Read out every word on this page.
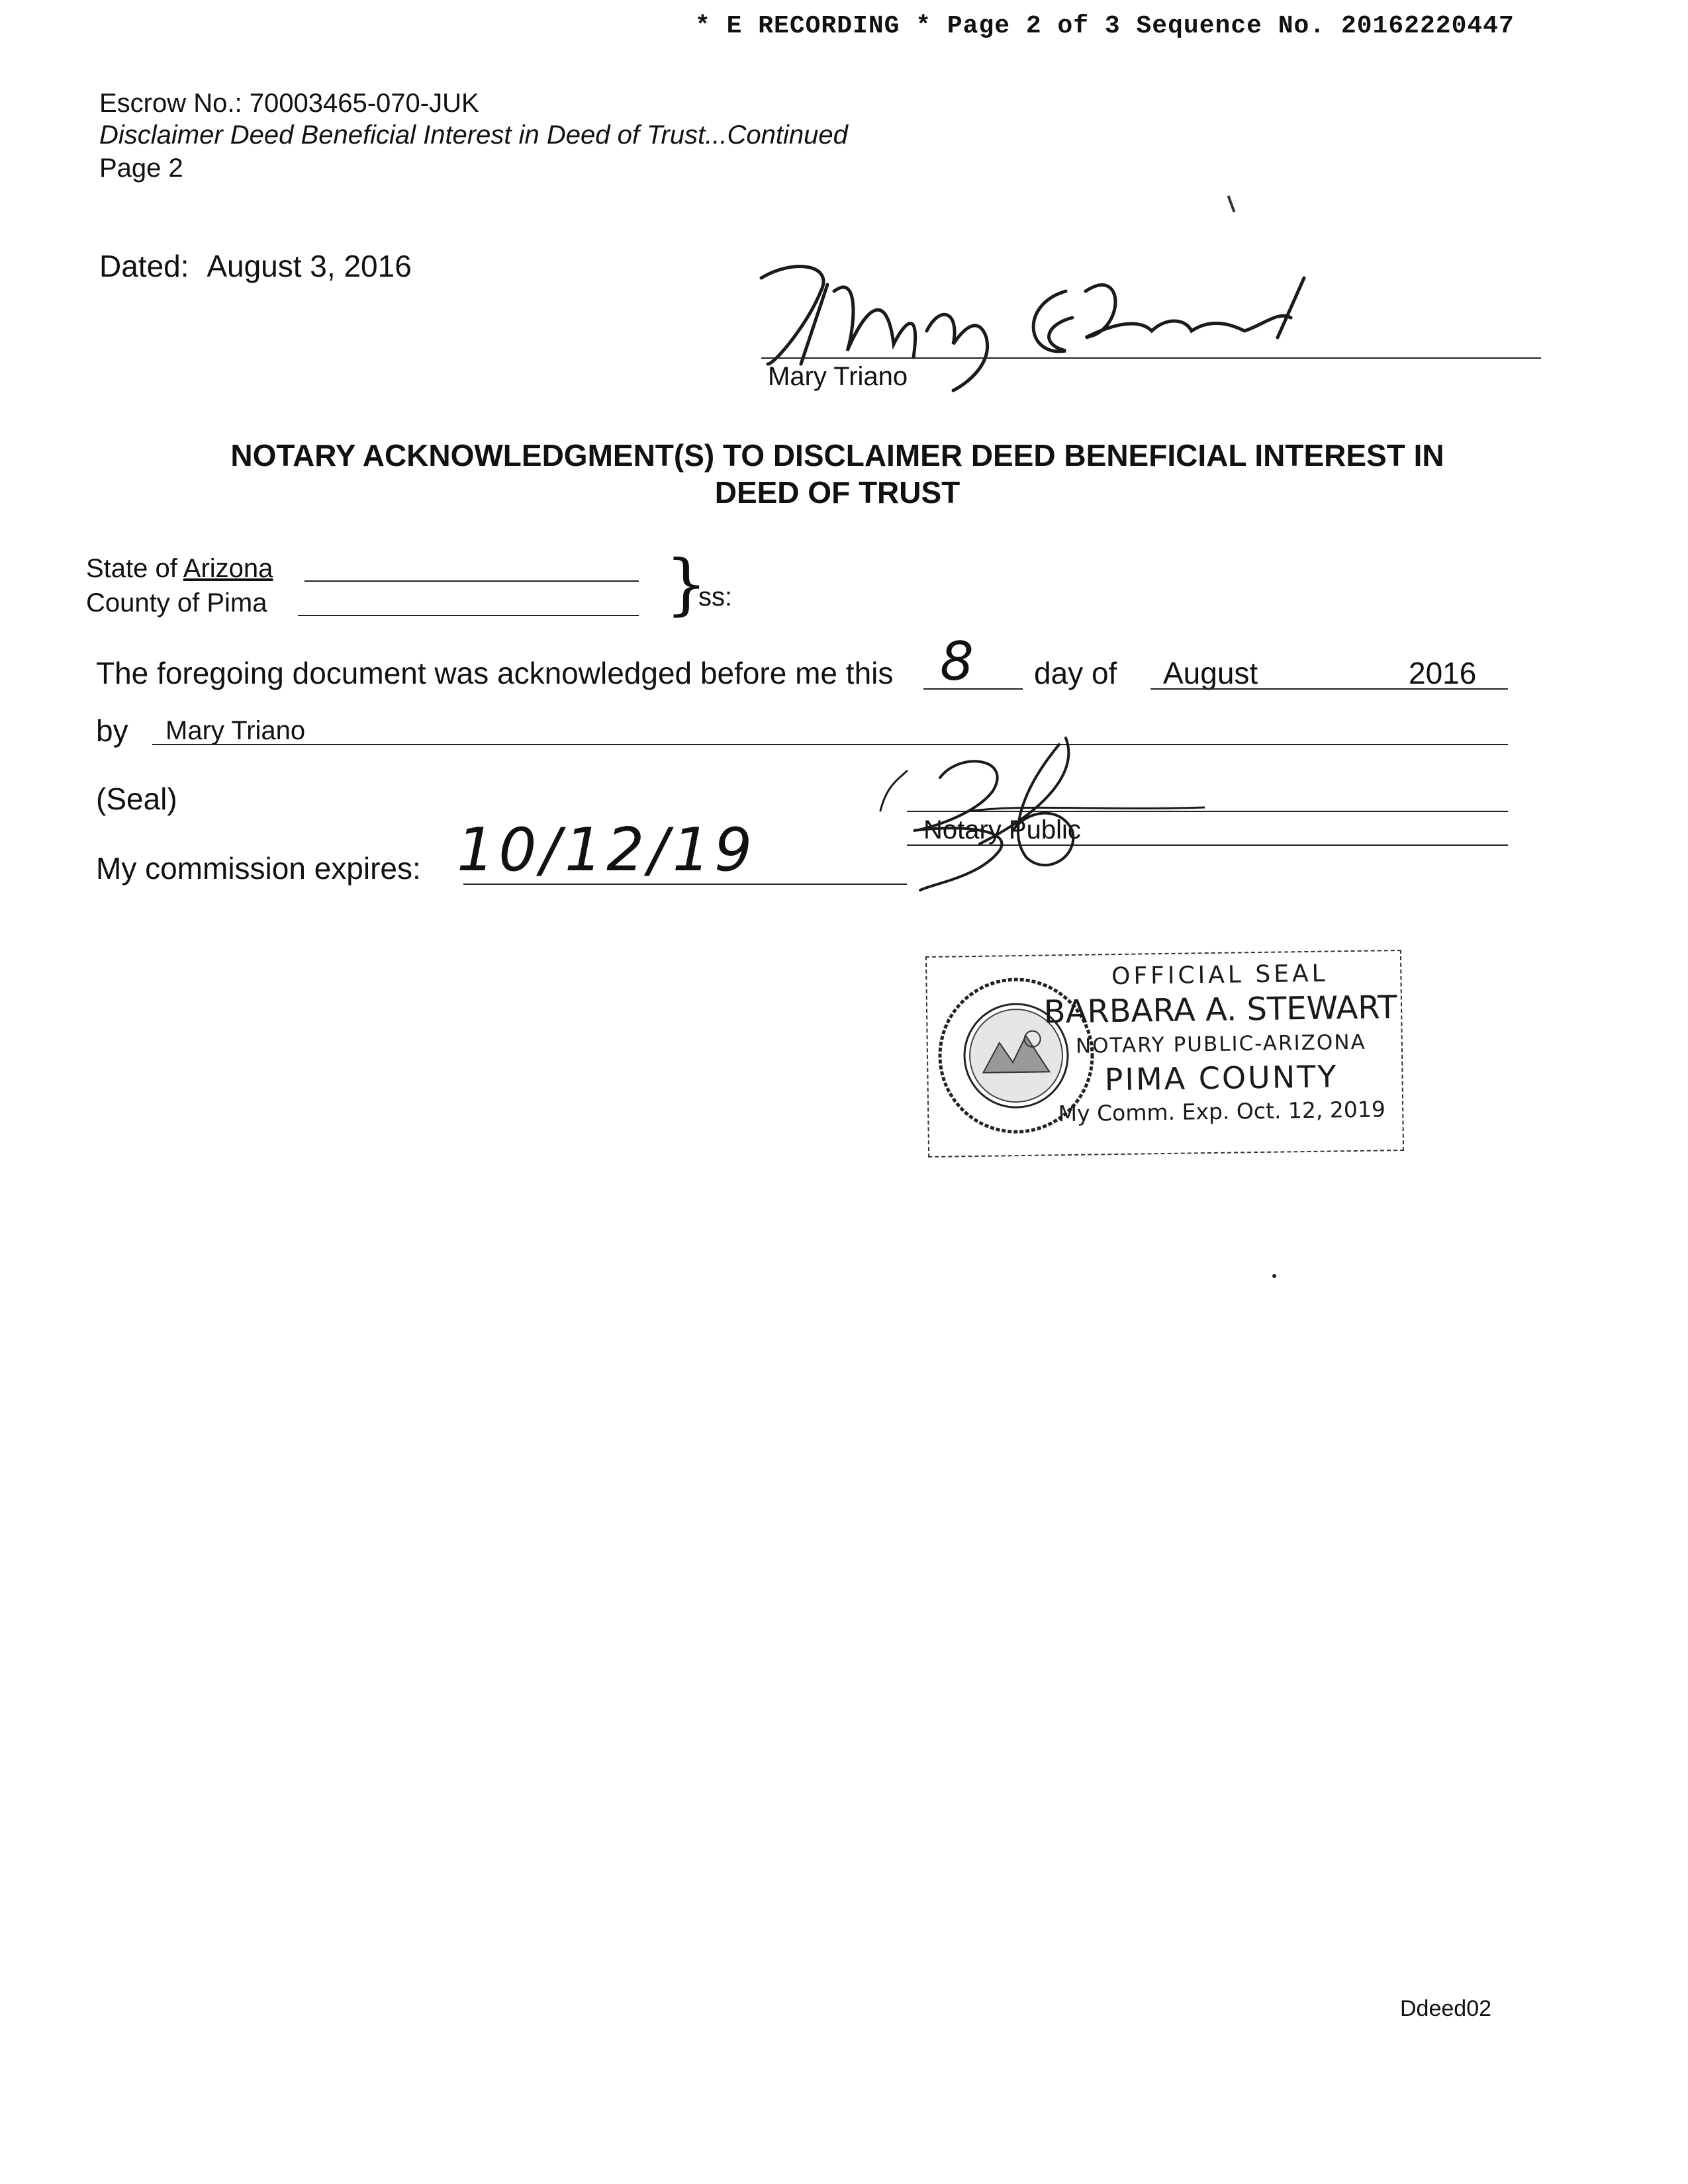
* E RECORDING * Page 2 of 3 Sequence No. 20162220447
Escrow No.: 70003465-070-JUK
Disclaimer Deed Beneficial Interest in Deed of Trust...Continued
Page 2
Dated: August 3, 2016
Mary Triano
NOTARY ACKNOWLEDGMENT(S) TO DISCLAIMER DEED BENEFICIAL INTEREST IN
DEED OF TRUST
State of Arizona
County of Pima	}
ss:
The foregoing document was acknowledged before me this 8 day of August	2016
by Mary Triano
(Seal)
Notary Public
My commission expires: 10/12/19
OFFICIAL SEAL
BARBARA A. STEWART
NOTARY PUBLIC-ARIZONA
PIMA COUNTY
My Comm. Exp. Oct. 12, 2019
Ddeed02
